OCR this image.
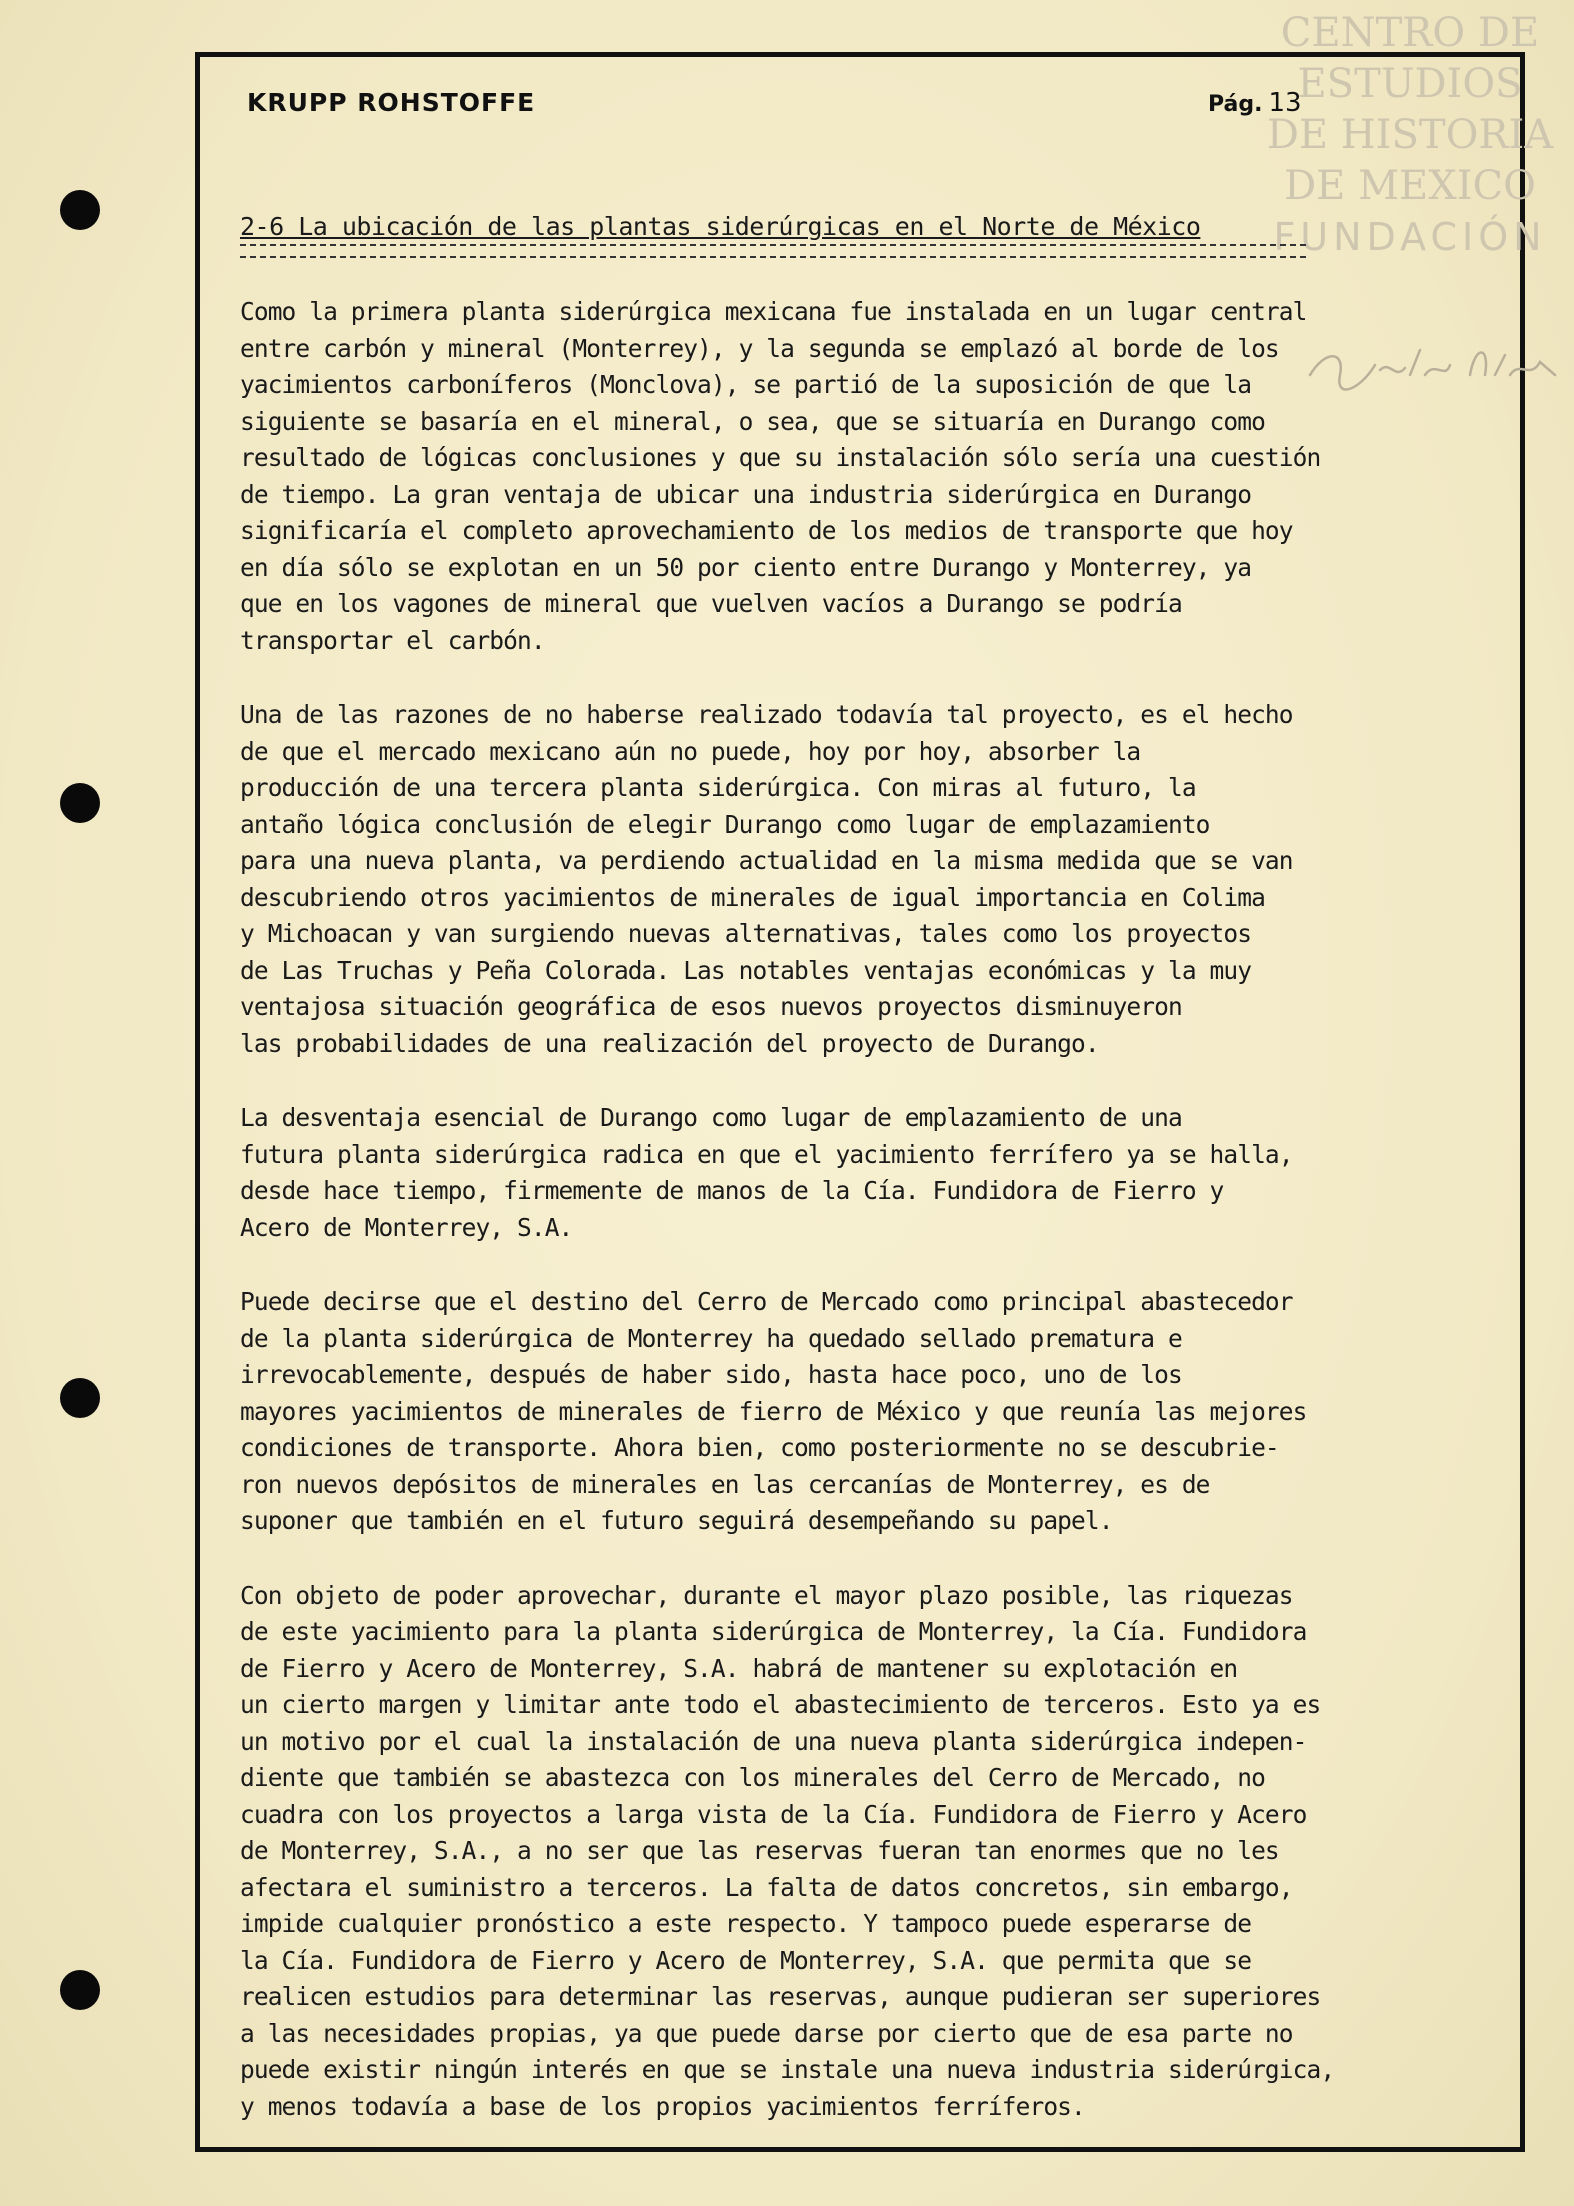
KRUPP ROHSTOFFE	Pág. 13
CENTRO DE
ESTUDIOS
DE HISTORIA
DE MEXICO
FUNDACIÓN
2-6 La ubicación de las plantas siderúrgicas en el Norte de México
Como la primera planta siderúrgica mexicana fue instalada en un lugar central
entre carbón y mineral (Monterrey), y la segunda se emplazó al borde de los
yacimientos carboníferos (Monclova), se partió de la suposición de que la
siguiente se basaría en el mineral, o sea, que se situaría en Durango como
resultado de lógicas conclusiones y que su instalación sólo sería una cuestión
de tiempo. La gran ventaja de ubicar una industria siderúrgica en Durango
significaría el completo aprovechamiento de los medios de transporte que hoy
en día sólo se explotan en un 50 por ciento entre Durango y Monterrey, ya
que en los vagones de mineral que vuelven vacíos a Durango se podría
transportar el carbón.
Una de las razones de no haberse realizado todavía tal proyecto, es el hecho
de que el mercado mexicano aún no puede, hoy por hoy, absorber la
producción de una tercera planta siderúrgica. Con miras al futuro, la
antaño lógica conclusión de elegir Durango como lugar de emplazamiento
para una nueva planta, va perdiendo actualidad en la misma medida que se van
descubriendo otros yacimientos de minerales de igual importancia en Colima
y Michoacan y van surgiendo nuevas alternativas, tales como los proyectos
de Las Truchas y Peña Colorada. Las notables ventajas económicas y la muy
ventajosa situación geográfica de esos nuevos proyectos disminuyeron
las probabilidades de una realización del proyecto de Durango.
La desventaja esencial de Durango como lugar de emplazamiento de una
futura planta siderúrgica radica en que el yacimiento ferrífero ya se halla,
desde hace tiempo, firmemente de manos de la Cía. Fundidora de Fierro y
Acero de Monterrey, S.A.
Puede decirse que el destino del Cerro de Mercado como principal abastecedor
de la planta siderúrgica de Monterrey ha quedado sellado prematura e
irrevocablemente, después de haber sido, hasta hace poco, uno de los
mayores yacimientos de minerales de fierro de México y que reunía las mejores
condiciones de transporte. Ahora bien, como posteriormente no se descubrie-
ron nuevos depósitos de minerales en las cercanías de Monterrey, es de
suponer que también en el futuro seguirá desempeñando su papel.
Con objeto de poder aprovechar, durante el mayor plazo posible, las riquezas
de este yacimiento para la planta siderúrgica de Monterrey, la Cía. Fundidora
de Fierro y Acero de Monterrey, S.A. habrá de mantener su explotación en
un cierto margen y limitar ante todo el abastecimiento de terceros. Esto ya es
un motivo por el cual la instalación de una nueva planta siderúrgica indepen-
diente que también se abastezca con los minerales del Cerro de Mercado, no
cuadra con los proyectos a larga vista de la Cía. Fundidora de Fierro y Acero
de Monterrey, S.A., a no ser que las reservas fueran tan enormes que no les
afectara el suministro a terceros. La falta de datos concretos, sin embargo,
impide cualquier pronóstico a este respecto. Y tampoco puede esperarse de
la Cía. Fundidora de Fierro y Acero de Monterrey, S.A. que permita que se
realicen estudios para determinar las reservas, aunque pudieran ser superiores
a las necesidades propias, ya que puede darse por cierto que de esa parte no
puede existir ningún interés en que se instale una nueva industria siderúrgica,
y menos todavía a base de los propios yacimientos ferríferos.
